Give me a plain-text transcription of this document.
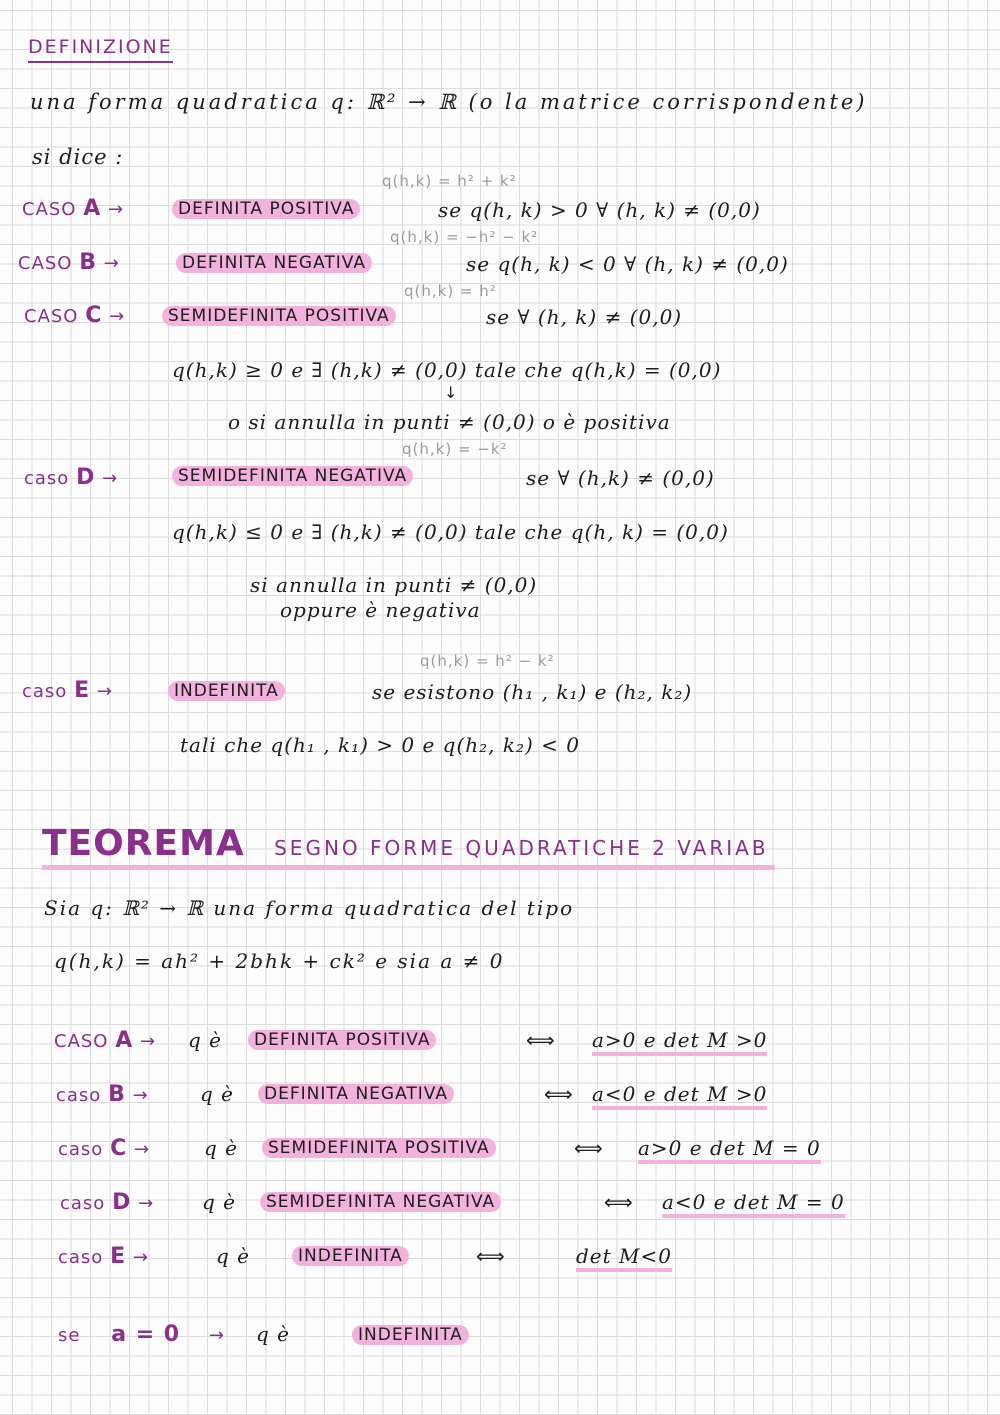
DEFINIZIONE
una forma quadratica q: ℝ² → ℝ (o la matrice corrispondente)
si dice :
q(h,k) = h² + k²
CASO A →	DEFINITA POSITIVA	se q(h, k) > 0 ∀ (h, k) ≠ (0,0)
q(h,k) = −h² − k²
CASO B →	DEFINITA NEGATIVA	se q(h, k) < 0 ∀ (h, k) ≠ (0,0)
q(h,k) = h²
CASO C →	SEMIDEFINITA POSITIVA	se ∀ (h, k) ≠ (0,0)
q(h,k) ≥ 0 e ∃ (h,k) ≠ (0,0) tale che q(h,k) = (0,0)
↓
o si annulla in punti ≠ (0,0) o è positiva
q(h,k) = −k²
caso D →	SEMIDEFINITA NEGATIVA	se ∀ (h,k) ≠ (0,0)
q(h,k) ≤ 0 e ∃ (h,k) ≠ (0,0) tale che q(h, k) = (0,0)
si annulla in punti ≠ (0,0)
oppure è negativa
q(h,k) = h² − k²
caso E →	INDEFINITA	se esistono (h₁ , k₁) e (h₂, k₂)
tali che q(h₁ , k₁) > 0 e q(h₂, k₂) < 0
TEOREMA SEGNO FORME QUADRATICHE 2 VARIAB
Sia q: ℝ² → ℝ una forma quadratica del tipo
q(h,k) = ah² + 2bhk + ck² e sia a ≠ 0
CASO A → q è	DEFINITA POSITIVA	⟺ a>0 e det M >0
caso B →	q è	DEFINITA NEGATIVA	⟺ a<0 e det M >0
caso C →	q è	SEMIDEFINITA POSITIVA	⟺ a>0 e det M = 0
caso D → q è	SEMIDEFINITA NEGATIVA	⟺ a<0 e det M = 0
caso E →	q è	INDEFINITA	⟺	det M<0
se a = 0 → q è	INDEFINITA
